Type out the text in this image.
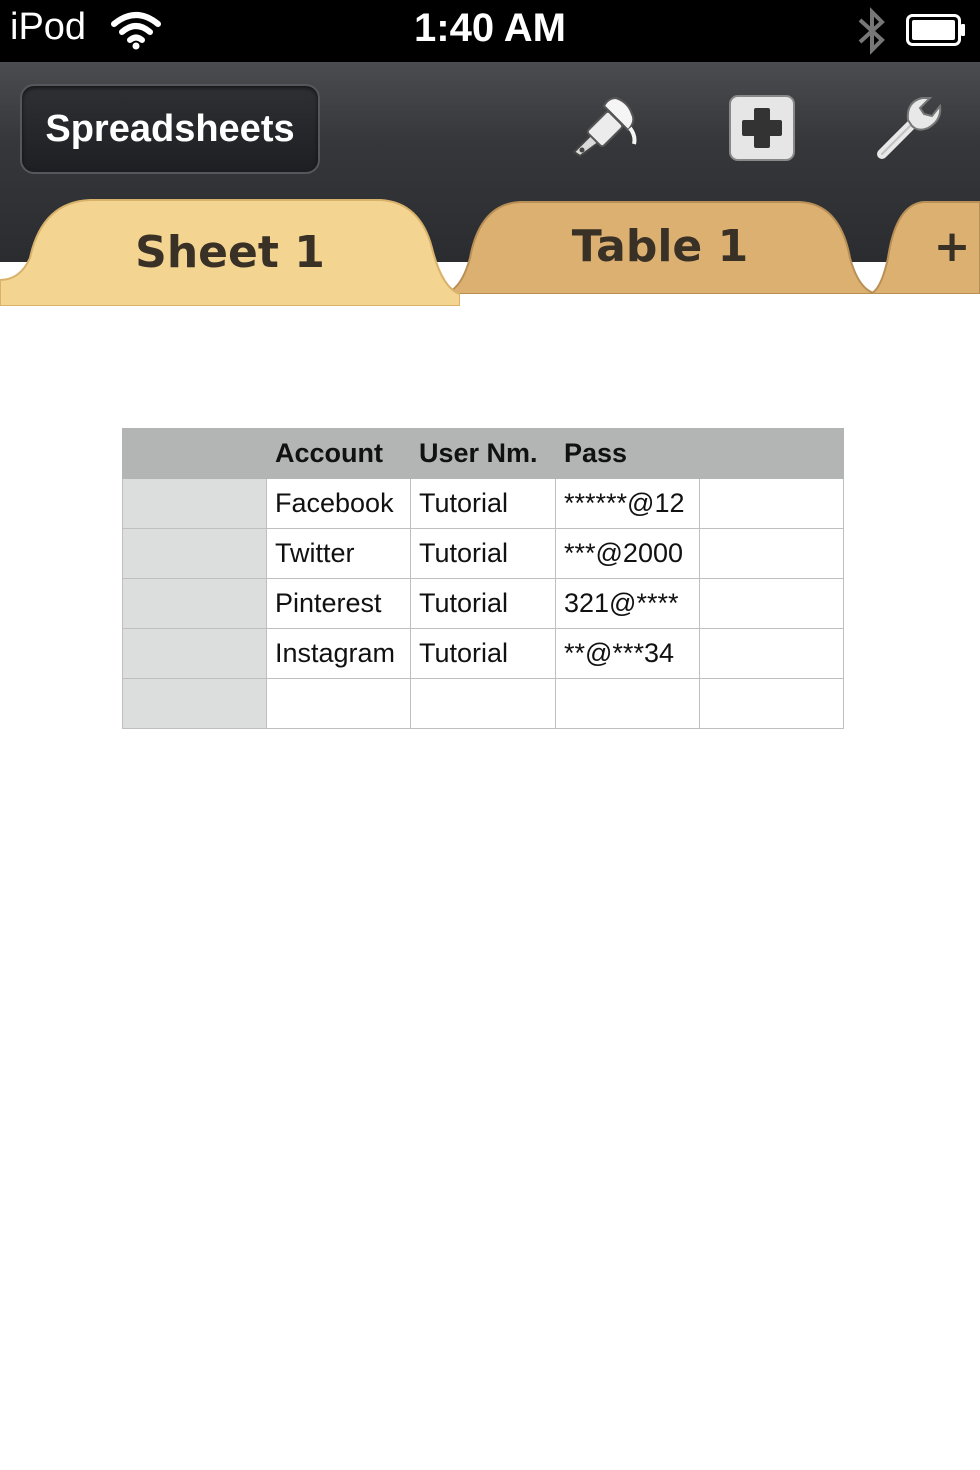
iPod	1:40 AM
Spreadsheets
Table 1	+
Sheet 1
	Account	User Nm.	Pass	
	Facebook	Tutorial	******@12	
	Twitter	Tutorial	***@2000	
	Pinterest	Tutorial	321@****	
	Instagram	Tutorial	**@***34	
